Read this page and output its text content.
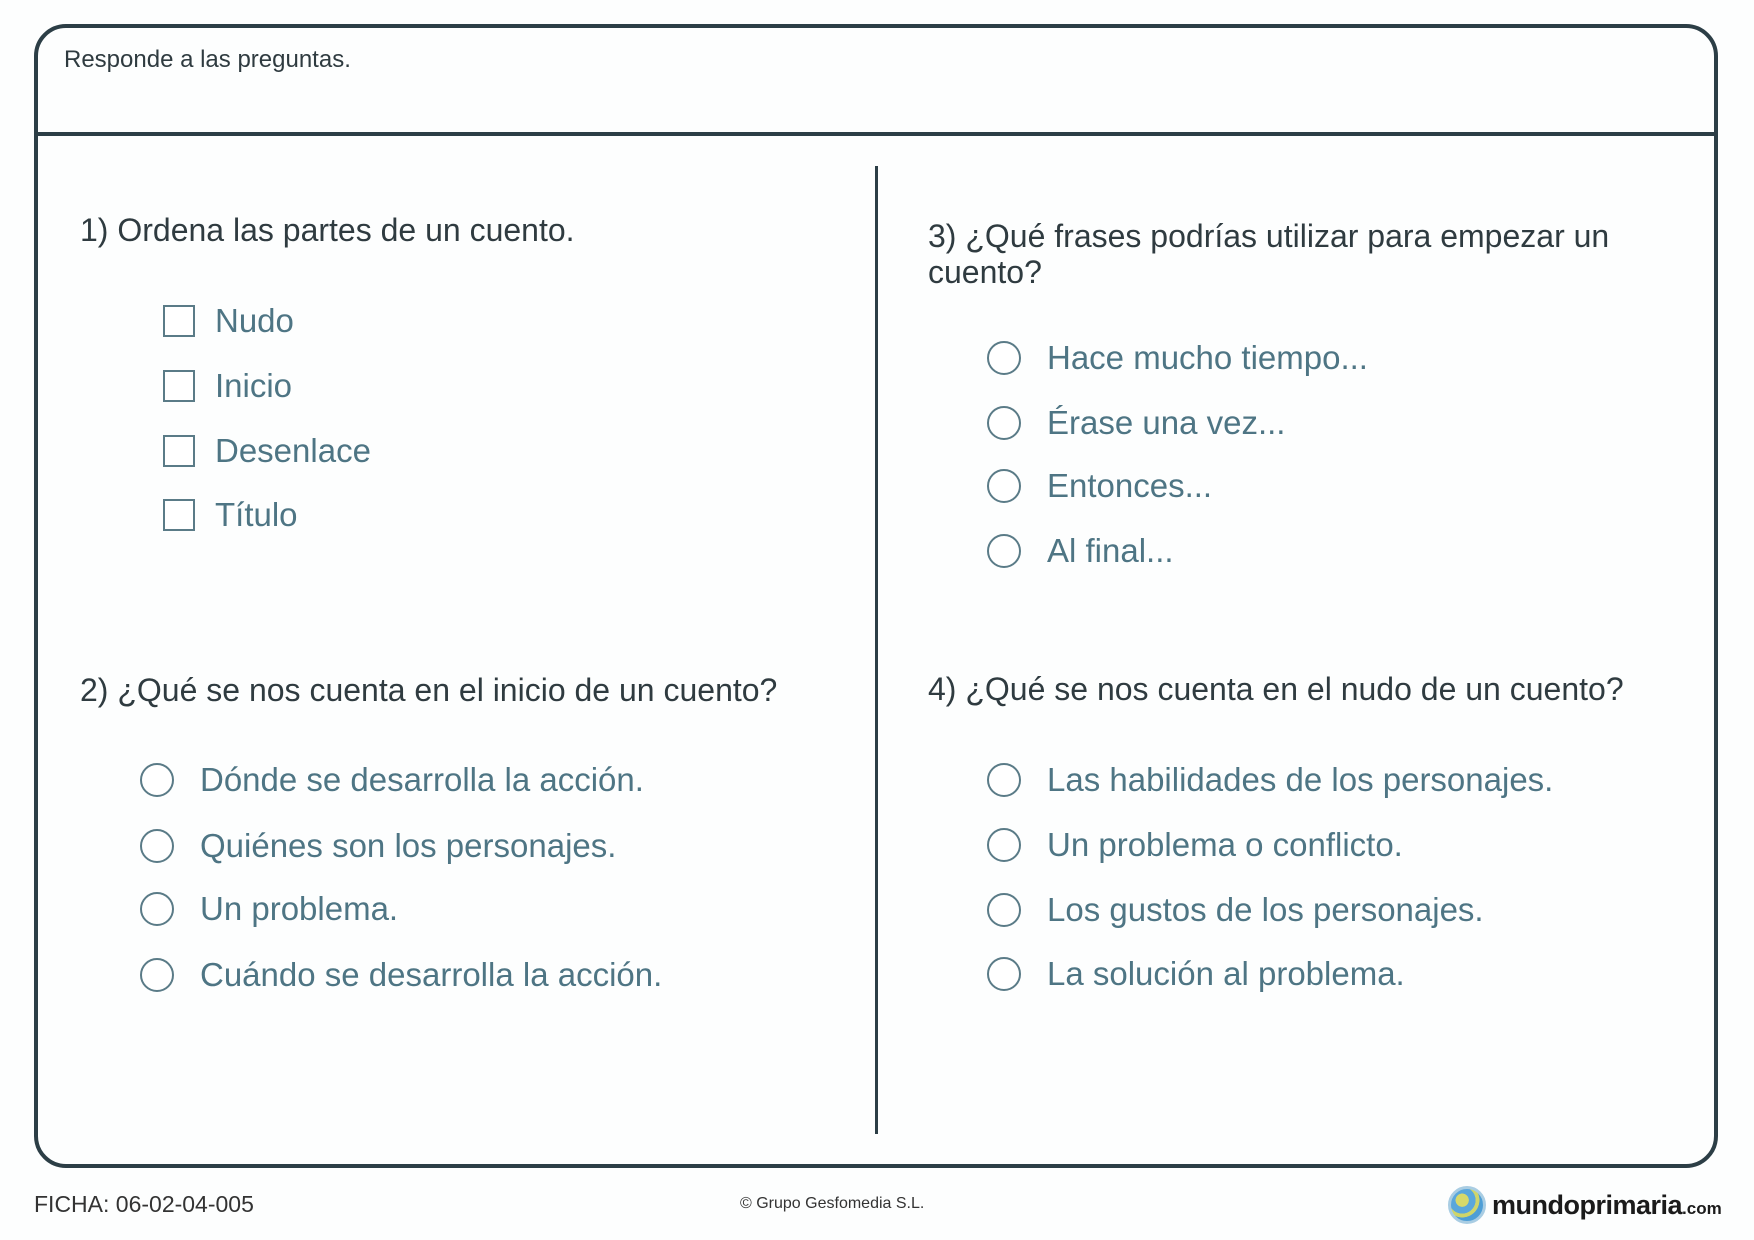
Responde a las preguntas.
1) Ordena las partes de un cuento.
Nudo
Inicio
Desenlace
Título
2) ¿Qué se nos cuenta en el inicio de un cuento?
Dónde se desarrolla la acción.
Quiénes son los personajes.
Un problema.
Cuándo se desarrolla la acción.
3) ¿Qué frases podrías utilizar para empezar un
cuento?
Hace mucho tiempo...
Érase una vez...
Entonces...
Al final...
4) ¿Qué se nos cuenta en el nudo de un cuento?
Las habilidades de los personajes.
Un problema o conflicto.
Los gustos de los personajes.
La solución al problema.
FICHA: 06-02-04-005	© Grupo Gesfomedia S.L.	mundoprimaria .com
